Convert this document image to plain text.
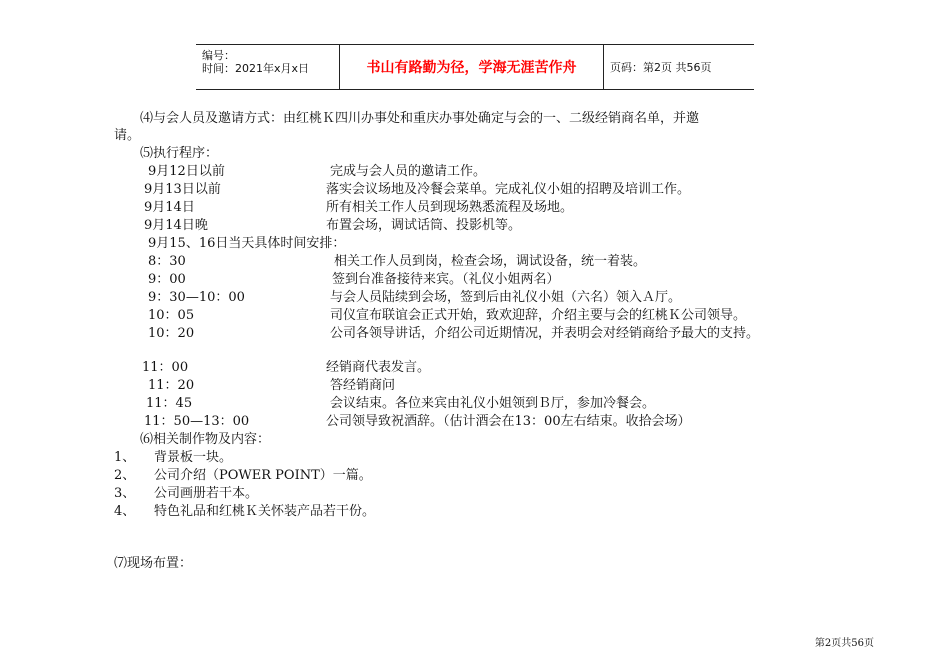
编号：
时间：2021年x月x日	书山有路勤为径，学海无涯苦作舟	页码：第2页 共56页
⑷与会人员及邀请方式：由红桃Ｋ四川办事处和重庆办事处确定与会的一、二级经销商名单，并邀
请。
⑸执行程序：
9月12日以前	完成与会人员的邀请工作。
9月13日以前	落实会议场地及冷餐会菜单。完成礼仪小姐的招聘及培训工作。
9月14日	所有相关工作人员到现场熟悉流程及场地。
9月14日晚	布置会场，调试话筒、投影机等。
9月15、16日当天具体时间安排：
8：30	相关工作人员到岗，检查会场，调试设备，统一着装。
9：00	签到台准备接待来宾。（礼仪小姐两名）
9：30—10：00	与会人员陆续到会场，签到后由礼仪小姐（六名）领入Ａ厅。
10：05	司仪宣布联谊会正式开始，致欢迎辞，介绍主要与会的红桃Ｋ公司领导。
10：20	公司各领导讲话，介绍公司近期情况，并表明会对经销商给予最大的支持。
11：00	经销商代表发言。
11：20	答经销商问
11：45	会议结束。各位来宾由礼仪小姐领到Ｂ厅，参加冷餐会。
11：50—13：00	公司领导致祝酒辞。（估计酒会在13：00左右结束。收拾会场）
⑹相关制作物及内容：
1、 背景板一块。
2、 公司介绍（POWER POINT）一篇。
3、 公司画册若干本。
4、 特色礼品和红桃Ｋ关怀装产品若干份。
⑺现场布置：
第2页共56页
